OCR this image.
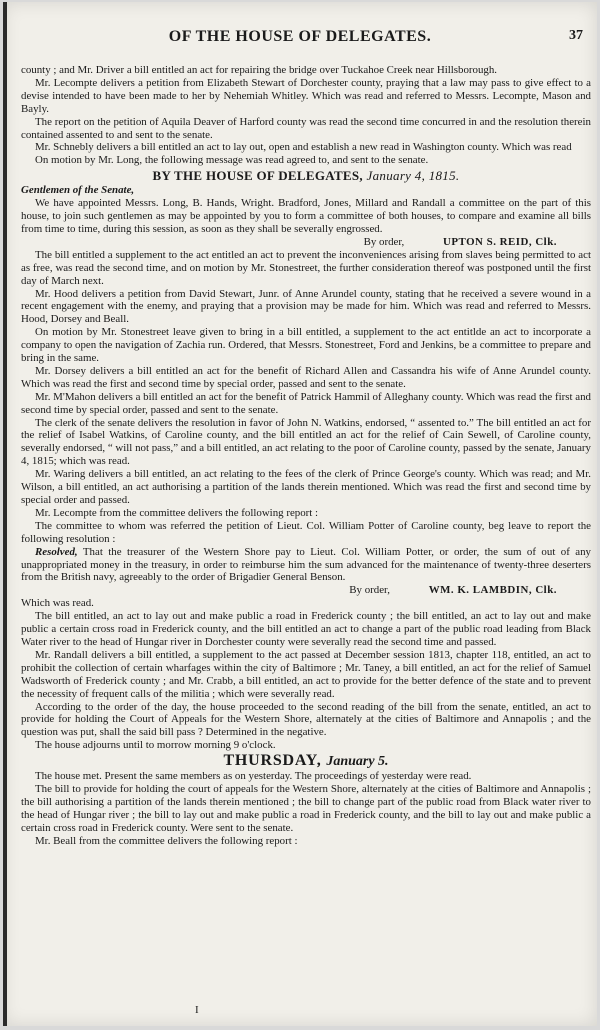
OF THE HOUSE OF DELEGATES.	37

county ; and Mr. Driver a bill entitled an act for repairing the bridge over Tuckahoe Creek near Hillsborough.

Mr. Lecompte delivers a petition from Elizabeth Stewart of Dorchester county, praying that a law may pass to give effect to a devise intended to have been made to her by Nehemiah Whitley. Which was read and referred to Messrs. Lecompte, Mason and Bayly.

The report on the petition of Aquila Deaver of Harford county was read the second time concurred in and the resolution therein contained assented to and sent to the senate.

Mr. Schnebly delivers a bill entitled an act to lay out, open and establish a new read in Washington county. Which was read

On motion by Mr. Long, the following message was read agreed to, and sent to the senate.

BY THE HOUSE OF DELEGATES, January 4, 1815.

Gentlemen of the Senate,

We have appointed Messrs. Long, B. Hands, Wright. Bradford, Jones, Millard and Randall a committee on the part of this house, to join such gentlemen as may be appointed by you to form a committee of both houses, to compare and examine all bills from time to time, during this session, as soon as they shall be severally engrossed.

By order,	UPTON S. REID, Clk.

The bill entitled a supplement to the act entitled an act to prevent the inconveniences arising from slaves being permitted to act as free, was read the second time, and on motion by Mr. Stonestreet, the further consideration thereof was postponed until the first day of March next.

Mr. Hood delivers a petition from David Stewart, Junr. of Anne Arundel county, stating that he received a severe wound in a recent engagement with the enemy, and praying that a provision may be made for him. Which was read and referred to Messrs. Hood, Dorsey and Beall.

On motion by Mr. Stonestreet leave given to bring in a bill entitled, a supplement to the act entitlde an act to incorporate a company to open the navigation of Zachia run. Ordered, that Messrs. Stonestreet, Ford and Jenkins, be a committee to prepare and bring in the same.

Mr. Dorsey delivers a bill entitled an act for the benefit of Richard Allen and Cassandra his wife of Anne Arundel county. Which was read the first and second time by special order, passed and sent to the senate.

Mr. M'Mahon delivers a bill entitled an act for the benefit of Patrick Hammil of Alleghany county. Which was read the first and second time by special order, passed and sent to the senate.

The clerk of the senate delivers the resolution in favor of John N. Watkins, endorsed, “ assented to.” The bill entitled an act for the relief of Isabel Watkins, of Caroline county, and the bill entitled an act for the relief of Cain Sewell, of Caroline county, severally endorsed, “ will not pass,” and a bill entitled, an act relating to the poor of Caroline county, passed by the senate, January 4, 1815; which was read.

Mr. Waring delivers a bill entitled, an act relating to the fees of the clerk of Prince George's county. Which was read; and Mr. Wilson, a bill entitled, an act authorising a partition of the lands therein mentioned. Which was read the first and second time by special order and passed.

Mr. Lecompte from the committee delivers the following report :

The committee to whom was referred the petition of Lieut. Col. William Potter of Caroline county, beg leave to report the following resolution :

Resolved, That the treasurer of the Western Shore pay to Lieut. Col. William Potter, or order, the sum of out of any unappropriated money in the treasury, in order to reimburse him the sum advanced for the maintenance of twenty-three deserters from the British navy, agreeably to the order of Brigadier General Benson.

By order,	WM. K. LAMBDIN, Clk.

Which was read.

The bill entitled, an act to lay out and make public a road in Frederick county ; the bill entitled, an act to lay out and make public a certain cross road in Frederick county, and the bill entitled an act to change a part of the public road leading from Black Water river to the head of Hungar river in Dorchester county were severally read the second time and passed.

Mr. Randall delivers a bill entitled, a supplement to the act passed at December session 1813, chapter 118, entitled, an act to prohibit the collection of certain wharfages within the city of Baltimore ; Mr. Taney, a bill entitled, an act for the relief of Samuel Wadsworth of Frederick county ; and Mr. Crabb, a bill entitled, an act to provide for the better defence of the state and to prevent the necessity of frequent calls of the militia ; which were severally read.

According to the order of the day, the house proceeded to the second reading of the bill from the senate, entitled, an act to provide for holding the Court of Appeals for the Western Shore, alternately at the cities of Baltimore and Annapolis ; and the question was put, shall the said bill pass ? Determined in the negative.

The house adjourns until to morrow morning 9 o'clock.

THURSDAY, January 5.

The house met. Present the same members as on yesterday. The proceedings of yesterday were read.

The bill to provide for holding the court of appeals for the Western Shore, alternately at the cities of Baltimore and Annapolis ; the bill authorising a partition of the lands therein mentioned ; the bill to change part of the public road from Black water river to the head of Hungar river ; the bill to lay out and make public a road in Frederick county, and the bill to lay out and make public a certain cross road in Frederick county. Were sent to the senate.

Mr. Beall from the committee delivers the following report :

I
